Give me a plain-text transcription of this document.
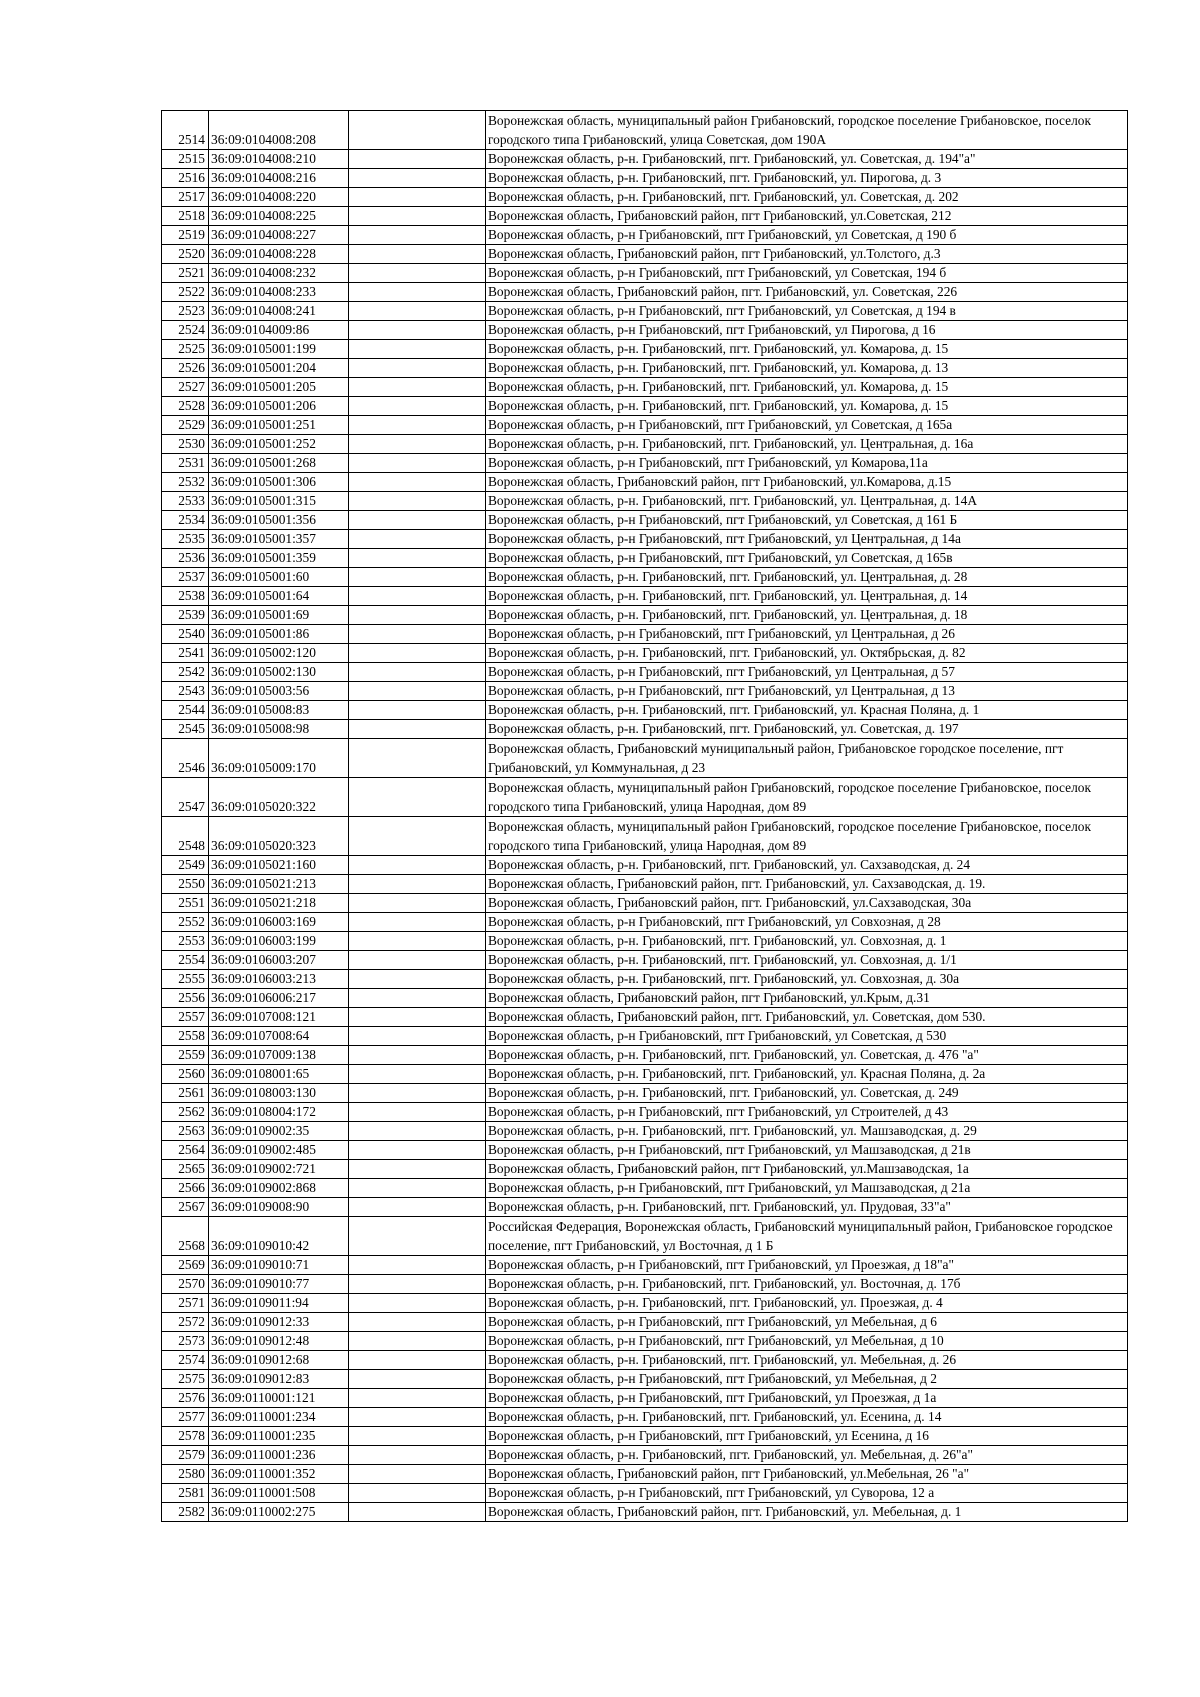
2514	36:09:0104008:208		Воронежская область, муниципальный район Грибановский, городское поселение Грибановское, поселок городского типа Грибановский, улица Советская, дом 190А
2515	36:09:0104008:210		Воронежская область, р-н. Грибановский, пгт. Грибановский, ул. Советская, д. 194"а"
2516	36:09:0104008:216		Воронежская область, р-н. Грибановский, пгт. Грибановский, ул. Пирогова, д. 3
2517	36:09:0104008:220		Воронежская область, р-н. Грибановский, пгт. Грибановский, ул. Советская, д. 202
2518	36:09:0104008:225		Воронежская область, Грибановский район, пгт Грибановский, ул.Советская, 212
2519	36:09:0104008:227		Воронежская область, р-н Грибановский, пгт Грибановский, ул Советская, д 190 б
2520	36:09:0104008:228		Воронежская область, Грибановский район, пгт Грибановский, ул.Толстого, д.3
2521	36:09:0104008:232		Воронежская область, р-н Грибановский, пгт Грибановский, ул Советская, 194 б
2522	36:09:0104008:233		Воронежская область, Грибановский район, пгт. Грибановский, ул. Советская, 226
2523	36:09:0104008:241		Воронежская область, р-н Грибановский, пгт Грибановский, ул Советская, д 194 в
2524	36:09:0104009:86		Воронежская область, р-н Грибановский, пгт Грибановский, ул Пирогова, д 16
2525	36:09:0105001:199		Воронежская область, р-н. Грибановский, пгт. Грибановский, ул. Комарова, д. 15
2526	36:09:0105001:204		Воронежская область, р-н. Грибановский, пгт. Грибановский, ул. Комарова, д. 13
2527	36:09:0105001:205		Воронежская область, р-н. Грибановский, пгт. Грибановский, ул. Комарова, д. 15
2528	36:09:0105001:206		Воронежская область, р-н. Грибановский, пгт. Грибановский, ул. Комарова, д. 15
2529	36:09:0105001:251		Воронежская область, р-н Грибановский, пгт Грибановский, ул Советская, д 165а
2530	36:09:0105001:252		Воронежская область, р-н. Грибановский, пгт. Грибановский, ул. Центральная, д. 16а
2531	36:09:0105001:268		Воронежская область, р-н Грибановский, пгт Грибановский, ул Комарова,11а
2532	36:09:0105001:306		Воронежская область, Грибановский район, пгт Грибановский, ул.Комарова, д.15
2533	36:09:0105001:315		Воронежская область, р-н. Грибановский, пгт. Грибановский, ул. Центральная, д. 14А
2534	36:09:0105001:356		Воронежская область, р-н Грибановский, пгт Грибановский, ул Советская, д 161 Б
2535	36:09:0105001:357		Воронежская область, р-н Грибановский, пгт Грибановский, ул Центральная, д 14а
2536	36:09:0105001:359		Воронежская область, р-н Грибановский, пгт Грибановский, ул Советская, д 165в
2537	36:09:0105001:60		Воронежская область, р-н. Грибановский, пгт. Грибановский, ул. Центральная, д. 28
2538	36:09:0105001:64		Воронежская область, р-н. Грибановский, пгт. Грибановский, ул. Центральная, д. 14
2539	36:09:0105001:69		Воронежская область, р-н. Грибановский, пгт. Грибановский, ул. Центральная, д. 18
2540	36:09:0105001:86		Воронежская область, р-н Грибановский, пгт Грибановский, ул Центральная, д 26
2541	36:09:0105002:120		Воронежская область, р-н. Грибановский, пгт. Грибановский, ул. Октябрьская, д. 82
2542	36:09:0105002:130		Воронежская область, р-н Грибановский, пгт Грибановский, ул Центральная, д 57
2543	36:09:0105003:56		Воронежская область, р-н Грибановский, пгт Грибановский, ул Центральная, д 13
2544	36:09:0105008:83		Воронежская область, р-н. Грибановский, пгт. Грибановский, ул. Красная Поляна, д. 1
2545	36:09:0105008:98		Воронежская область, р-н. Грибановский, пгт. Грибановский, ул. Советская, д. 197
2546	36:09:0105009:170		Воронежская область, Грибановский муниципальный район, Грибановское городское поселение, пгт Грибановский, ул Коммунальная, д 23
2547	36:09:0105020:322		Воронежская область, муниципальный район Грибановский, городское поселение Грибановское, поселок городского типа Грибановский, улица Народная, дом 89
2548	36:09:0105020:323		Воронежская область, муниципальный район Грибановский, городское поселение Грибановское, поселок городского типа Грибановский, улица Народная, дом 89
2549	36:09:0105021:160		Воронежская область, р-н. Грибановский, пгт. Грибановский, ул. Сахзаводская, д. 24
2550	36:09:0105021:213		Воронежская область, Грибановский район, пгт. Грибановский, ул. Сахзаводская, д. 19.
2551	36:09:0105021:218		Воронежская область, Грибановский район, пгт. Грибановский, ул.Сахзаводская, 30а
2552	36:09:0106003:169		Воронежская область, р-н Грибановский, пгт Грибановский, ул Совхозная, д 28
2553	36:09:0106003:199		Воронежская область, р-н. Грибановский, пгт. Грибановский, ул. Совхозная, д. 1
2554	36:09:0106003:207		Воронежская область, р-н. Грибановский, пгт. Грибановский, ул. Совхозная, д. 1/1
2555	36:09:0106003:213		Воронежская область, р-н. Грибановский, пгт. Грибановский, ул. Совхозная, д. 30а
2556	36:09:0106006:217		Воронежская область, Грибановский район, пгт Грибановский, ул.Крым, д.31
2557	36:09:0107008:121		Воронежская область, Грибановский район, пгт. Грибановский, ул. Советская, дом 530.
2558	36:09:0107008:64		Воронежская область, р-н Грибановский, пгт Грибановский, ул Советская, д 530
2559	36:09:0107009:138		Воронежская область, р-н. Грибановский, пгт. Грибановский, ул. Советская, д. 476 "а"
2560	36:09:0108001:65		Воронежская область, р-н. Грибановский, пгт. Грибановский, ул. Красная Поляна, д. 2а
2561	36:09:0108003:130		Воронежская область, р-н. Грибановский, пгт. Грибановский, ул. Советская, д. 249
2562	36:09:0108004:172		Воронежская область, р-н Грибановский, пгт Грибановский, ул Строителей, д 43
2563	36:09:0109002:35		Воронежская область, р-н. Грибановский, пгт. Грибановский, ул. Машзаводская, д. 29
2564	36:09:0109002:485		Воронежская область, р-н Грибановский, пгт Грибановский, ул Машзаводская, д 21в
2565	36:09:0109002:721		Воронежская область, Грибановский район, пгт Грибановский, ул.Машзаводская, 1а
2566	36:09:0109002:868		Воронежская область, р-н Грибановский, пгт Грибановский, ул Машзаводская, д 21а
2567	36:09:0109008:90		Воронежская область, р-н. Грибановский, пгт. Грибановский, ул. Прудовая, 33"а"
2568	36:09:0109010:42		Российская Федерация, Воронежская область, Грибановский муниципальный район, Грибановское городское поселение, пгт Грибановский, ул Восточная, д 1 Б
2569	36:09:0109010:71		Воронежская область, р-н Грибановский, пгт Грибановский, ул Проезжая, д 18"а"
2570	36:09:0109010:77		Воронежская область, р-н. Грибановский, пгт. Грибановский, ул. Восточная, д. 17б
2571	36:09:0109011:94		Воронежская область, р-н. Грибановский, пгт. Грибановский, ул. Проезжая, д. 4
2572	36:09:0109012:33		Воронежская область, р-н Грибановский, пгт Грибановский, ул Мебельная, д 6
2573	36:09:0109012:48		Воронежская область, р-н Грибановский, пгт Грибановский, ул Мебельная, д 10
2574	36:09:0109012:68		Воронежская область, р-н. Грибановский, пгт. Грибановский, ул. Мебельная, д. 26
2575	36:09:0109012:83		Воронежская область, р-н Грибановский, пгт Грибановский, ул Мебельная, д 2
2576	36:09:0110001:121		Воронежская область, р-н Грибановский, пгт Грибановский, ул Проезжая, д 1а
2577	36:09:0110001:234		Воронежская область, р-н. Грибановский, пгт. Грибановский, ул. Есенина, д. 14
2578	36:09:0110001:235		Воронежская область, р-н Грибановский, пгт Грибановский, ул Есенина, д 16
2579	36:09:0110001:236		Воронежская область, р-н. Грибановский, пгт. Грибановский, ул. Мебельная, д. 26"а"
2580	36:09:0110001:352		Воронежская область, Грибановский район, пгт Грибановский, ул.Мебельная, 26 "а"
2581	36:09:0110001:508		Воронежская область, р-н Грибановский, пгт Грибановский, ул Суворова, 12 а
2582	36:09:0110002:275		Воронежская область, Грибановский район, пгт. Грибановский, ул. Мебельная, д. 1
